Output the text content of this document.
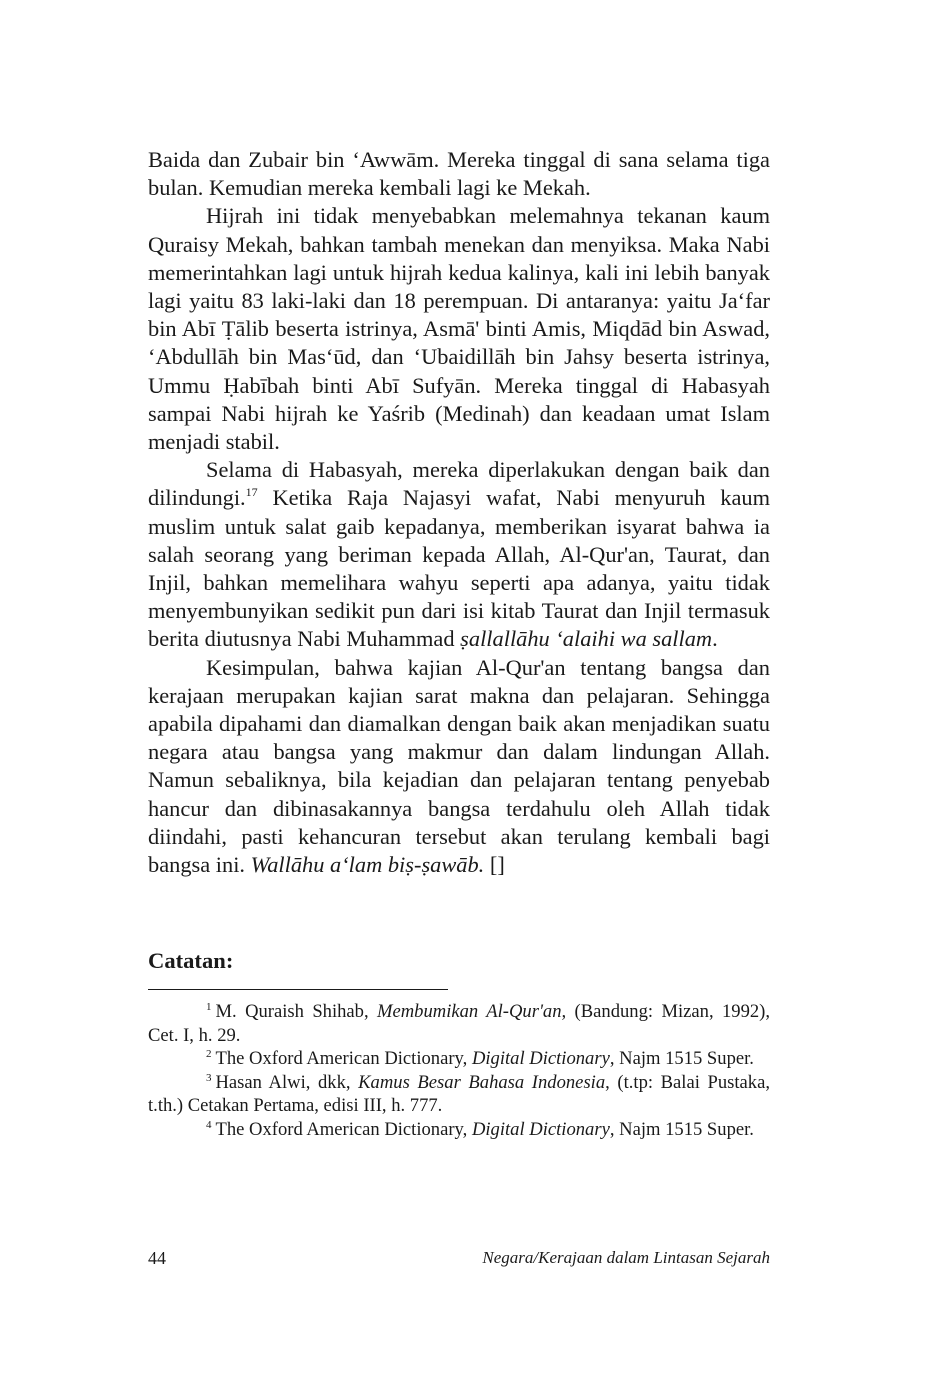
Baida dan Zubair bin ‘Awwām. Mereka tinggal di sana selama tiga bulan. Kemudian mereka kembali lagi ke Mekah.

Hijrah ini tidak menyebabkan melemahnya tekanan kaum Quraisy Mekah, bahkan tambah menekan dan menyiksa. Maka Nabi memerintahkan lagi untuk hijrah kedua kalinya, kali ini lebih banyak lagi yaitu 83 laki-laki dan 18 perempuan. Di antaranya: yaitu Ja‘far bin Abī Ṭālib beserta istrinya, Asmā' binti Amis, Miqdād bin Aswad, ‘Abdullāh bin Mas‘ūd, dan ‘Ubaidillāh bin Jahsy beserta istrinya, Ummu Ḥabībah binti Abī Sufyān. Mereka tinggal di Habasyah sampai Nabi hijrah ke Yaśrib (Medinah) dan keadaan umat Islam menjadi stabil.

Selama di Habasyah, mereka diperlakukan dengan baik dan dilindungi.$^{17}$ Ketika Raja Najasyi wafat, Nabi menyuruh kaum muslim untuk salat gaib kepadanya, memberikan isyarat bahwa ia salah seorang yang beriman kepada Allah, Al-Qur'an, Taurat, dan Injil, bahkan memelihara wahyu seperti apa adanya, yaitu tidak menyembunyikan sedikit pun dari isi kitab Taurat dan Injil termasuk berita diutusnya Nabi Muhammad ṣallallāhu ‘alaihi wa sallam.

Kesimpulan, bahwa kajian Al-Qur'an tentang bangsa dan kerajaan merupakan kajian sarat makna dan pelajaran. Sehingga apabila dipahami dan diamalkan dengan baik akan menjadikan suatu negara atau bangsa yang makmur dan dalam lindungan Allah. Namun sebaliknya, bila kejadian dan pelajaran tentang penyebab hancur dan dibinasakannya bangsa terdahulu oleh Allah tidak diindahi, pasti kehancuran tersebut akan terulang kembali bagi bangsa ini. Wallāhu a‘lam biṣ-ṣawāb. []

Catatan:

$^1$ M. Quraish Shihab, Membumikan Al-Qur'an, (Bandung: Mizan, 1992), Cet. I, h. 29.

$^2$ The Oxford American Dictionary, Digital Dictionary, Najm 1515 Super.

$^3$ Hasan Alwi, dkk, Kamus Besar Bahasa Indonesia, (t.tp: Balai Pustaka, t.th.) Cetakan Pertama, edisi III, h. 777.

$^4$ The Oxford American Dictionary, Digital Dictionary, Najm 1515 Super.

44	Negara/Kerajaan dalam Lintasan Sejarah
